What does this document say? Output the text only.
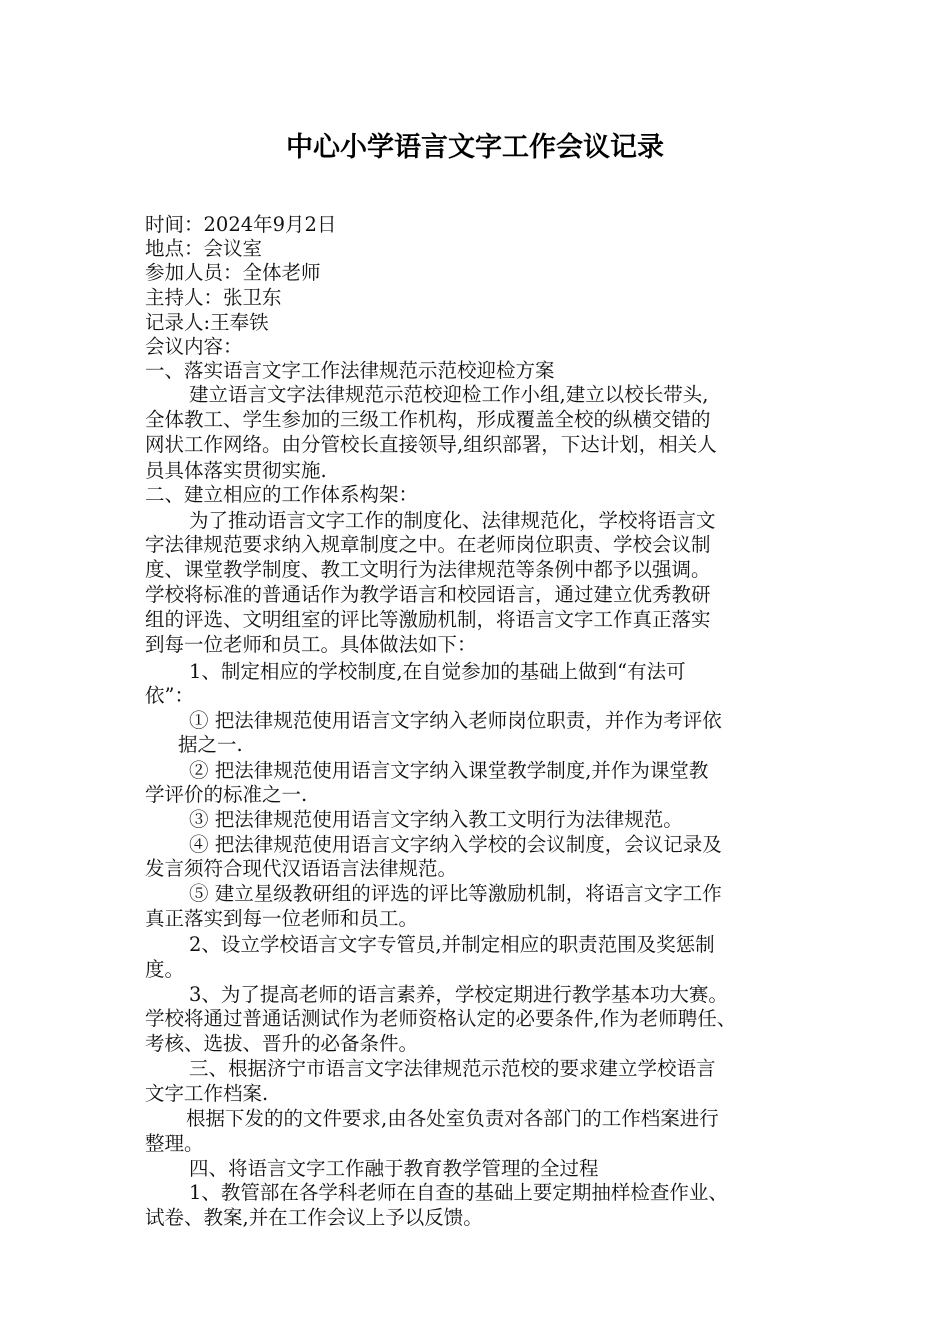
中心小学语言文字工作会议记录

时间：2024年9月2日

地点：会议室

参加人员：全体老师

主持人：张卫东

记录人:王奉铁

会议内容：

一、落实语言文字工作法律规范示范校迎检方案

建立语言文字法律规范示范校迎检工作小组,建立以校长带头,

全体教工、学生参加的三级工作机构，形成覆盖全校的纵横交错的

网状工作网络。由分管校长直接领导,组织部署，下达计划，相关人

员具体落实贯彻实施.

二、建立相应的工作体系构架：

为了推动语言文字工作的制度化、法律规范化，学校将语言文

字法律规范要求纳入规章制度之中。在老师岗位职责、学校会议制

度、课堂教学制度、教工文明行为法律规范等条例中都予以强调。

学校将标准的普通话作为教学语言和校园语言，通过建立优秀教研

组的评选、文明组室的评比等激励机制，将语言文字工作真正落实

到每一位老师和员工。具体做法如下：

1、制定相应的学校制度,在自觉参加的基础上做到“有法可

依”：

① 把法律规范使用语言文字纳入老师岗位职责，并作为考评依

据之一.

② 把法律规范使用语言文字纳入课堂教学制度,并作为课堂教

学评价的标准之一.

③ 把法律规范使用语言文字纳入教工文明行为法律规范。

④ 把法律规范使用语言文字纳入学校的会议制度，会议记录及

发言须符合现代汉语语言法律规范。

⑤ 建立星级教研组的评选的评比等激励机制，将语言文字工作

真正落实到每一位老师和员工。

2、设立学校语言文字专管员,并制定相应的职责范围及奖惩制

度。

3、为了提高老师的语言素养，学校定期进行教学基本功大赛。

学校将通过普通话测试作为老师资格认定的必要条件,作为老师聘任、

考核、选拔、晋升的必备条件。

三、根据济宁市语言文字法律规范示范校的要求建立学校语言

文字工作档案.

根据下发的的文件要求,由各处室负责对各部门的工作档案进行

整理。

四、将语言文字工作融于教育教学管理的全过程

1、教管部在各学科老师在自查的基础上要定期抽样检查作业、

试卷、教案,并在工作会议上予以反馈。
